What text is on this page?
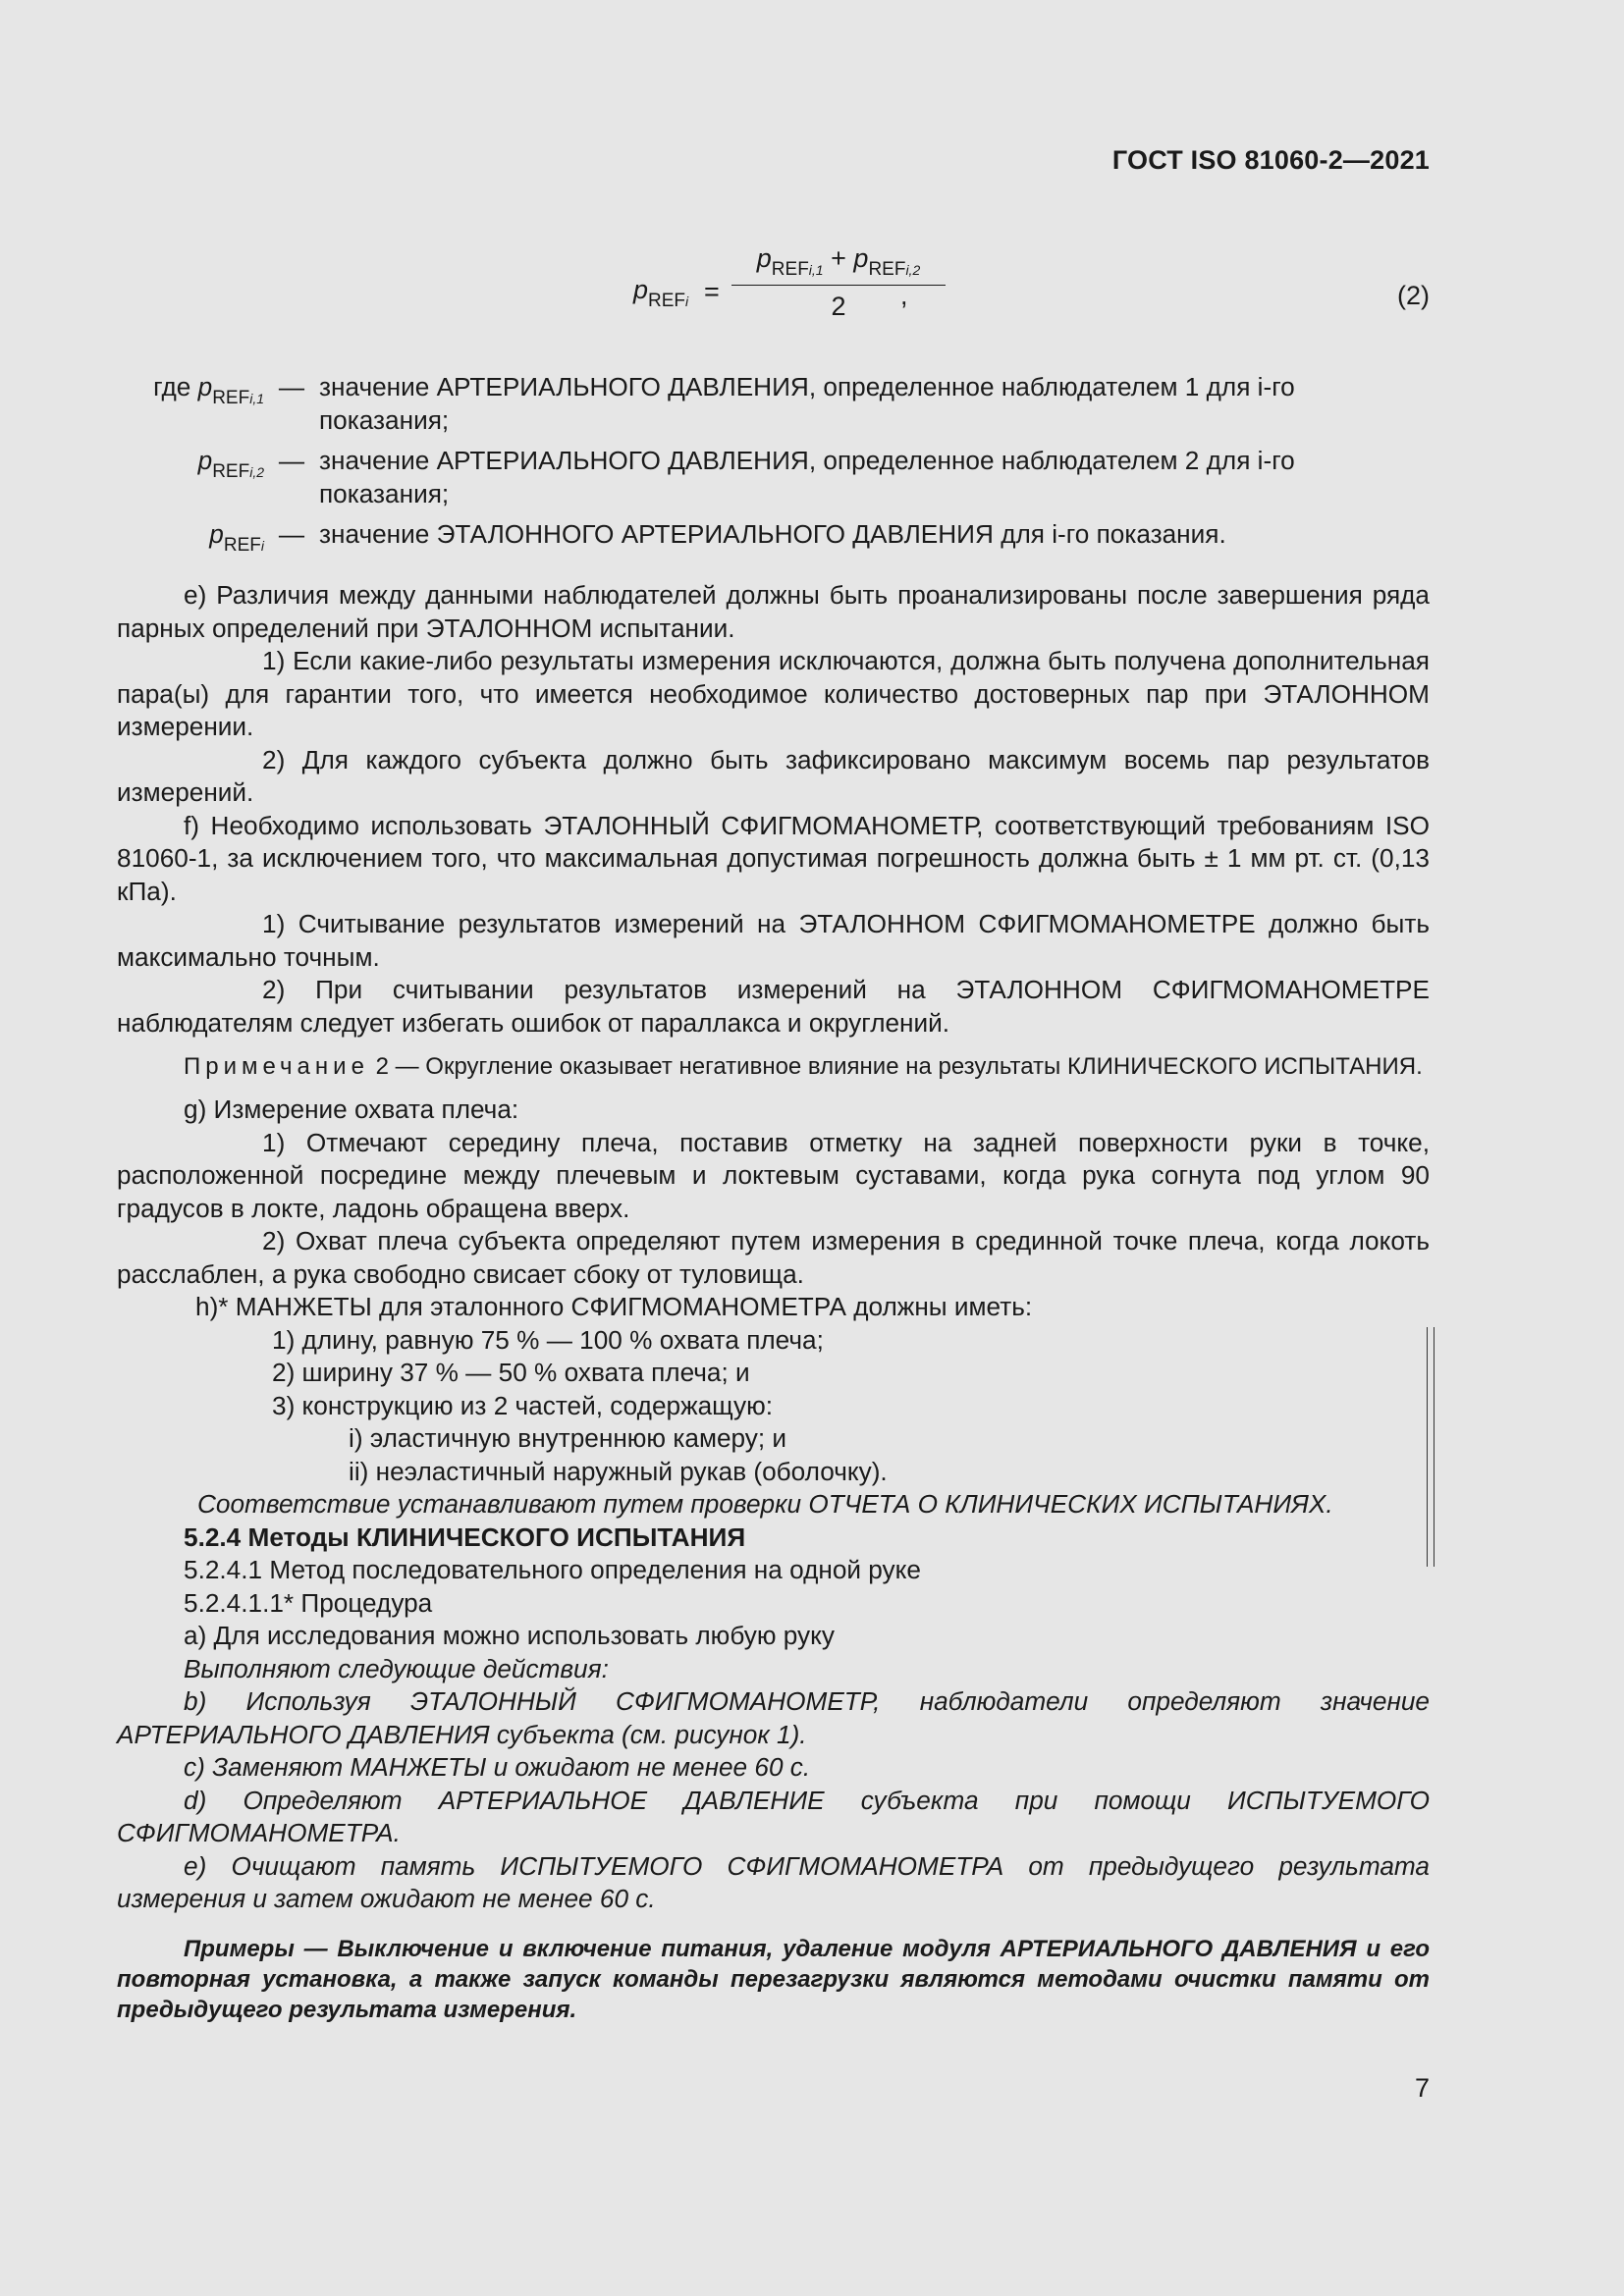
ГОСТ ISO 81060-2—2021
$p_{REFi}$ =
$p_{REFi,1} + p_{REFi,2}$
2	,	(2)
где $p_{REFi,1}$ — значение АРТЕРИАЛЬНОГО ДАВЛЕНИЯ, определенное наблюдателем 1 для i-го показания;
$p_{REFi,2}$ — значение АРТЕРИАЛЬНОГО ДАВЛЕНИЯ, определенное наблюдателем 2 для i-го показания;
$p_{REFi}$ — значение ЭТАЛОННОГО АРТЕРИАЛЬНОГО ДАВЛЕНИЯ для i-го показания.

e) Различия между данными наблюдателей должны быть проанализированы после завершения ряда парных определений при ЭТАЛОННОМ испытании.

1) Если какие-либо результаты измерения исключаются, должна быть получена дополнительная пара(ы) для гарантии того, что имеется необходимое количество достоверных пар при ЭТАЛОННОМ измерении.

2) Для каждого субъекта должно быть зафиксировано максимум восемь пар результатов измерений.

f) Необходимо использовать ЭТАЛОННЫЙ СФИГМОМАНОМЕТР, соответствующий требованиям ISO 81060-1, за исключением того, что максимальная допустимая погрешность должна быть ± 1 мм рт. ст. (0,13 кПа).

1) Считывание результатов измерений на ЭТАЛОННОМ СФИГМОМАНОМЕТРЕ должно быть максимально точным.

2) При считывании результатов измерений на ЭТАЛОННОМ СФИГМОМАНОМЕТРЕ наблюдателям следует избегать ошибок от параллакса и округлений.

Примечание 2 — Округление оказывает негативное влияние на результаты КЛИНИЧЕСКОГО ИСПЫТАНИЯ.

g) Измерение охвата плеча:

1) Отмечают середину плеча, поставив отметку на задней поверхности руки в точке, расположенной посредине между плечевым и локтевым суставами, когда рука согнута под углом 90 градусов в локте, ладонь обращена вверх.

2) Охват плеча субъекта определяют путем измерения в срединной точке плеча, когда локоть расслаблен, а рука свободно свисает сбоку от туловища.

h)* МАНЖЕТЫ для эталонного СФИГМОМАНОМЕТРА должны иметь:

1) длину, равную 75 % — 100 % охвата плеча;

2) ширину 37 % — 50 % охвата плеча; и

3) конструкцию из 2 частей, содержащую:

i) эластичную внутреннюю камеру; и

ii) неэластичный наружный рукав (оболочку).

Соответствие устанавливают путем проверки ОТЧЕТА О КЛИНИЧЕСКИХ ИСПЫТАНИЯХ.

5.2.4 Методы КЛИНИЧЕСКОГО ИСПЫТАНИЯ

5.2.4.1 Метод последовательного определения на одной руке

5.2.4.1.1* Процедура

a) Для исследования можно использовать любую руку

Выполняют следующие действия:

b) Используя ЭТАЛОННЫЙ СФИГМОМАНОМЕТР, наблюдатели определяют значение АРТЕРИАЛЬНОГО ДАВЛЕНИЯ субъекта (см. рисунок 1).

c) Заменяют МАНЖЕТЫ и ожидают не менее 60 с.

d) Определяют АРТЕРИАЛЬНОЕ ДАВЛЕНИЕ субъекта при помощи ИСПЫТУЕМОГО СФИГМОМАНОМЕТРА.

e) Очищают память ИСПЫТУЕМОГО СФИГМОМАНОМЕТРА от предыдущего результата измерения и затем ожидают не менее 60 с.

Примеры — Выключение и включение питания, удаление модуля АРТЕРИАЛЬНОГО ДАВЛЕНИЯ и его повторная установка, а также запуск команды перезагрузки являются методами очистки памяти от предыдущего результата измерения.

7
